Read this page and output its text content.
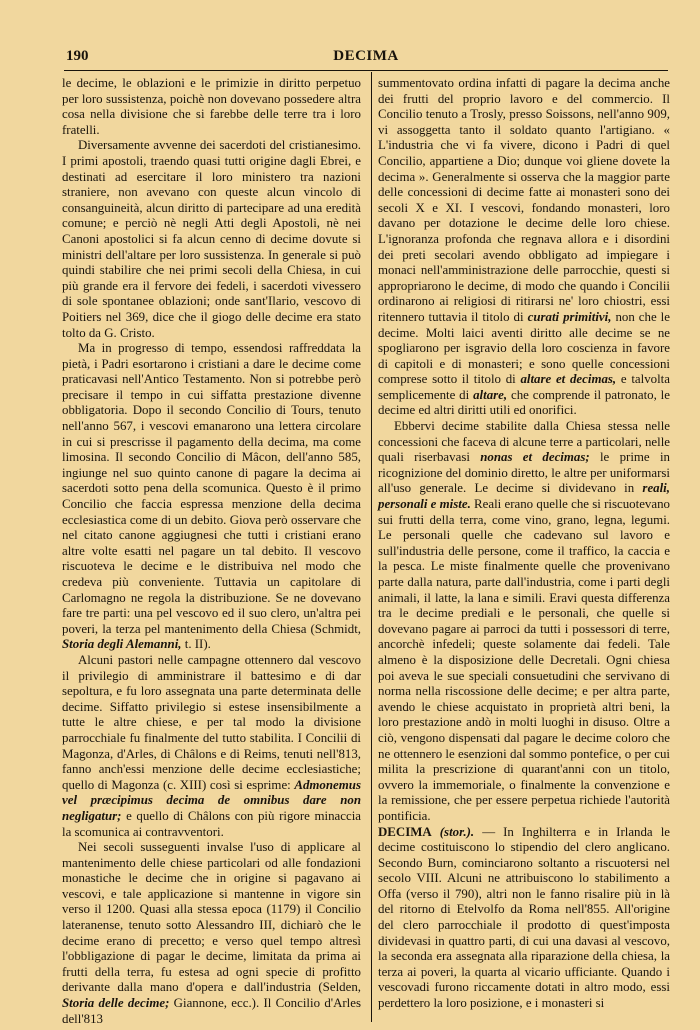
190	DECIMA

le decime, le oblazioni e le primizie in diritto perpetuo per loro sussistenza, poichè non dovevano possedere altra cosa nella divisione che si farebbe delle terre tra i loro fratelli.

Diversamente avvenne dei sacerdoti del cristianesimo. I primi apostoli, traendo quasi tutti origine dagli Ebrei, e destinati ad esercitare il loro ministero tra nazioni straniere, non avevano con queste alcun vincolo di consanguineità, alcun diritto di partecipare ad una eredità comune; e perciò nè negli Atti degli Apostoli, nè nei Canoni apostolici si fa alcun cenno di decime dovute si ministri dell'altare per loro sussistenza. In generale si può quindi stabilire che nei primi secoli della Chiesa, in cui più grande era il fervore dei fedeli, i sacerdoti vivessero di sole spontanee oblazioni; onde sant'Ilario, vescovo di Poitiers nel 369, dice che il giogo delle decime era stato tolto da G. Cristo.

Ma in progresso di tempo, essendosi raffreddata la pietà, i Padri esortarono i cristiani a dare le decime come praticavasi nell'Antico Testamento. Non si potrebbe però precisare il tempo in cui siffatta prestazione divenne obbligatoria. Dopo il secondo Concilio di Tours, tenuto nell'anno 567, i vescovi emanarono una lettera circolare in cui si prescrisse il pagamento della decima, ma come limosina. Il secondo Concilio di Mâcon, dell'anno 585, ingiunge nel suo quinto canone di pagare la decima ai sacerdoti sotto pena della scomunica. Questo è il primo Concilio che faccia espressa menzione della decima ecclesiastica come di un debito. Giova però osservare che nel citato canone aggiugnesi che tutti i cristiani erano altre volte esatti nel pagare un tal debito. Il vescovo riscuoteva le decime e le distribuiva nel modo che credeva più conveniente. Tuttavia un capitolare di Carlomagno ne regola la distribuzione. Se ne dovevano fare tre parti: una pel vescovo ed il suo clero, un'altra pei poveri, la terza pel mantenimento della Chiesa (Schmidt, Storia degli Alemanni, t. II).

Alcuni pastori nelle campagne ottennero dal vescovo il privilegio di amministrare il battesimo e di dar sepoltura, e fu loro assegnata una parte determinata delle decime. Siffatto privilegio si estese insensibilmente a tutte le altre chiese, e per tal modo la divisione parrocchiale fu finalmente del tutto stabilita. I Concilii di Magonza, d'Arles, di Châlons e di Reims, tenuti nell'813, fanno anch'essi menzione delle decime ecclesiastiche; quello di Magonza (c. XIII) così si esprime: Admonemus vel præcipimus decima de omnibus dare non negligatur; e quello di Châlons con più rigore minaccia la scomunica ai contravventori.

Nei secoli susseguenti invalse l'uso di applicare al mantenimento delle chiese particolari od alle fondazioni monastiche le decime che in origine si pagavano ai vescovi, e tale applicazione si mantenne in vigore sin verso il 1200. Quasi alla stessa epoca (1179) il Concilio lateranense, tenuto sotto Alessandro III, dichiarò che le decime erano di precetto; e verso quel tempo altresì l'obbligazione di pagar le decime, limitata da prima ai frutti della terra, fu estesa ad ogni specie di profitto derivante dalla mano d'opera e dall'industria (Selden, Storia delle decime; Giannone, ecc.). Il Concilio d'Arles dell'813

summentovato ordina infatti di pagare la decima anche dei frutti del proprio lavoro e del commercio. Il Concilio tenuto a Trosly, presso Soissons, nell'anno 909, vi assoggetta tanto il soldato quanto l'artigiano. « L'industria che vi fa vivere, dicono i Padri di quel Concilio, appartiene a Dio; dunque voi gliene dovete la decima ». Generalmente si osserva che la maggior parte delle concessioni di decime fatte ai monasteri sono dei secoli X e XI. I vescovi, fondando monasteri, loro davano per dotazione le decime delle loro chiese. L'ignoranza profonda che regnava allora e i disordini dei preti secolari avendo obbligato ad impiegare i monaci nell'amministrazione delle parrocchie, questi si appropriarono le decime, di modo che quando i Concilii ordinarono ai religiosi di ritirarsi ne' loro chiostri, essi ritennero tuttavia il titolo di curati primitivi, non che le decime. Molti laici aventi diritto alle decime se ne spogliarono per isgravio della loro coscienza in favore di capitoli e di monasteri; e sono quelle concessioni comprese sotto il titolo di altare et decimas, e talvolta semplicemente di altare, che comprende il patronato, le decime ed altri diritti utili ed onorifici.

Ebbervi decime stabilite dalla Chiesa stessa nelle concessioni che faceva di alcune terre a particolari, nelle quali riserbavasi nonas et decimas; le prime in ricognizione del dominio diretto, le altre per uniformarsi all'uso generale. Le decime si dividevano in reali, personali e miste. Reali erano quelle che si riscuotevano sui frutti della terra, come vino, grano, legna, legumi. Le personali quelle che cadevano sul lavoro e sull'industria delle persone, come il traffico, la caccia e la pesca. Le miste finalmente quelle che provenivano parte dalla natura, parte dall'industria, come i parti degli animali, il latte, la lana e simili. Eravi questa differenza tra le decime prediali e le personali, che quelle si dovevano pagare ai parroci da tutti i possessori di terre, ancorchè infedeli; queste solamente dai fedeli. Tale almeno è la disposizione delle Decretali. Ogni chiesa poi aveva le sue speciali consuetudini che servivano di norma nella riscossione delle decime; e per altra parte, avendo le chiese acquistato in proprietà altri beni, la loro prestazione andò in molti luoghi in disuso. Oltre a ciò, vengono dispensati dal pagare le decime coloro che ne ottennero le esenzioni dal sommo pontefice, o per cui milita la prescrizione di quarant'anni con un titolo, ovvero la immemoriale, o finalmente la convenzione e la remissione, che per essere perpetua richiede l'autorità pontificia.

DECIMA (stor.). — In Inghilterra e in Irlanda le decime costituiscono lo stipendio del clero anglicano. Secondo Burn, cominciarono soltanto a riscuotersi nel secolo VIII. Alcuni ne attribuiscono lo stabilimento a Offa (verso il 790), altri non le fanno risalire più in là del ritorno di Etelvolfo da Roma nell'855. All'origine del clero parrocchiale il prodotto di quest'imposta dividevasi in quattro parti, di cui una davasi al vescovo, la seconda era assegnata alla riparazione della chiesa, la terza ai poveri, la quarta al vicario ufficiante. Quando i vescovadi furono riccamente dotati in altro modo, essi perdettero la loro posizione, e i monasteri si
